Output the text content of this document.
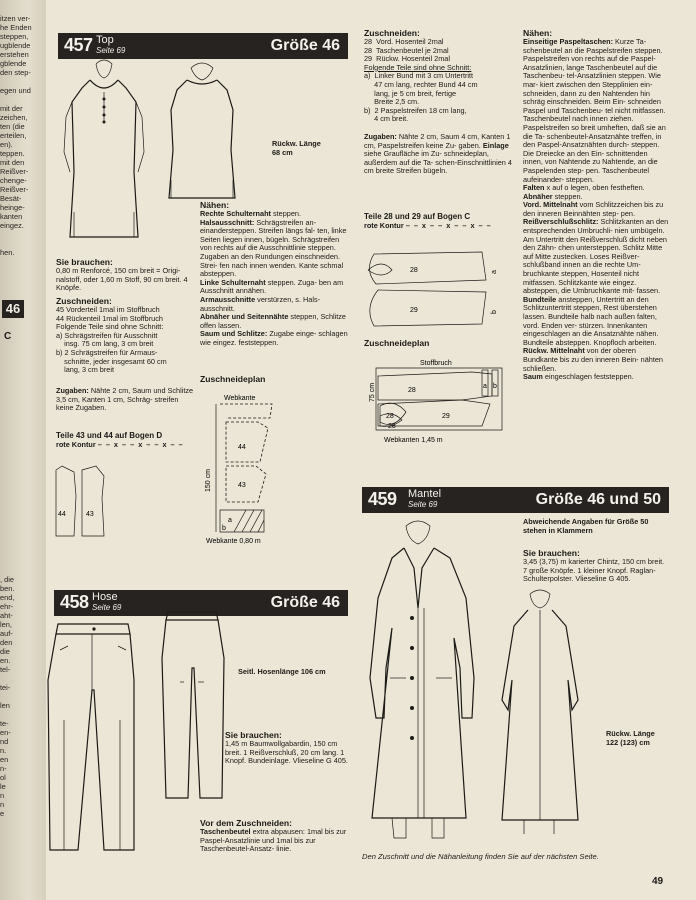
itzen ver-
he Enden
steppen,
ugblende
erstehen
gblende
den step-

egen und

mit der
zeichen,
ten (die
erteilen,
en).
teppen.
mit den
Reißver-
chenge-
Reißver-
Besät-
heinge-
kanten
eingez.

hen.
46
C
, die
ben.
end,
ehr-
aht-
len,
auf-
den
die
en.
tel-

tei-

len

te-
en-
nd
n.
en
n-
ol
le
n
n
e
457 Top
Seite 69	Größe 46
Rückw. Länge
68 cm
Sie brauchen:
0,80 m Renforcé, 150 cm breit = Origi- nalstoff, oder 1,60 m Stoff, 90 cm breit. 4 Knöpfe.
Zuschneiden:
45 Vorderteil 1mal im Stoffbruch
44 Rückenteil 1mal im Stoffbruch
Folgende Teile sind ohne Schnitt:
a) Schrägstreifen für Ausschnitt
insg. 75 cm lang, 3 cm breit
b) 2 Schrägstreifen für Armaus-
schnitte, jeder insgesamt 60 cm
lang, 3 cm breit
Zugaben: Nähte 2 cm, Saum und Schlitze 3,5 cm, Kanten 1 cm, Schräg- streifen keine Zugaben.
Teile 43 und 44 auf Bogen D
rote Kontur – – x – – x – – x – –
44	43
Nähen:
Rechte Schulternaht steppen.
Halsausschnitt: Schrägstreifen an- einandersteppen. Streifen längs fal- ten, linke Seiten liegen innen, bügeln. Schrägstreifen von rechts auf die Ausschnittlinie steppen. Zugaben an den Rundungen einschneiden. Strei- fen nach innen wenden. Kante schmal absteppen.
Linke Schulternaht steppen. Zuga- ben am Ausschnitt annähen.
Armausschnitte verstürzen, s. Hals- ausschnitt.
Abnäher und Seitennähte steppen, Schlitze offen lassen.
Saum und Schlitze: Zugabe einge- schlagen wie eingez. feststeppen.
Zuschneideplan
Webkante
150 cm
44
43
b
a
Webkante 0,80 m
Zuschneiden:
28  Vord. Hosenteil 2mal
28  Taschenbeutel je 2mal
29  Rückw. Hosenteil 2mal
Folgende Teile sind ohne Schnitt:
a)  Linker Bund mit 3 cm Untertritt
47 cm lang, rechter Bund 44 cm
lang, je 5 cm breit, fertige
Breite 2,5 cm.
b)  2 Paspelstreifen 18 cm lang,
4 cm breit.
Zugaben: Nähte 2 cm, Saum 4 cm, Kanten 1 cm, Paspelstreifen keine Zu- gaben. Einlage siehe Graufläche im Zu- schneideplan, außerdem auf die Ta- schen-Einschnittlinien 4 cm breite Streifen bügeln.
Teile 28 und 29 auf Bogen C
rote Kontur – – x – – x – – x – –
28
29
a
b
Zuschneideplan
Stoffbruch
28
28
28
29
a b
75 cm
Webkanten 1,45 m
Nähen:
Einseitige Paspeltaschen: Kurze Ta- schenbeutel an die Paspelstreifen steppen. Paspelstreifen von rechts auf die Paspel-Ansatzlinien, lange Taschenbeutel auf die Taschenbeu- tel-Ansatzlinien steppen. Wie mar- kiert zwischen den Stepplinien ein- schneiden, dann zu den Nahtenden hin schräg einschneiden. Beim Ein- schneiden Paspel und Taschenbeu- tel nicht mitfassen. Taschenbeutel nach innen ziehen. Paspelstreifen so breit umheften, daß sie an die Ta- schenbeutel-Ansatznähte treffen, in den Paspel-Ansatznähten durch- steppen. Die Dreiecke an den Ein- schnittenden innen, von Nahtende zu Nahtende, an die Paspelenden step- pen. Taschenbeutel aufeinander- steppen.
Falten x auf o legen, oben festheften.
Abnäher steppen.
Vord. Mittelnaht vom Schlitzzeichen bis zu den inneren Beinnähten step- pen.
Reißverschlußschlitz: Schlitzkanten an den entsprechenden Umbruchli- nien umbügeln. Am Untertritt den Reißverschluß dicht neben den Zähn- chen untersteppen. Schlitz Mitte auf Mitte zustecken. Loses Reißver- schlußband innen an die rechte Um- bruchkante steppen, Hosenteil nicht mitfassen. Schlitzkante wie eingez. absteppen, die Umbruchkante mit- fassen.
Bundteile ansteppen, Untertritt an den Schlitzuntertritt steppen, Rest überstehen lassen. Bundteile halb nach außen falten, vord. Enden ver- stürzen. Innenkanten eingeschlagen an die Ansatznähte nähen. Bundteile absteppen. Knopfloch arbeiten.
Rückw. Mittelnaht von der oberen Bundkante bis zu den inneren Bein- nähten schließen.
Saum eingeschlagen feststeppen.
458 Hose
Seite 69	Größe 46
Seitl. Hosenlänge 106 cm
Sie brauchen:
1,45 m Baumwollgabardin, 150 cm breit. 1 Reißverschluß, 20 cm lang. 1 Knopf. Bundeinlage. Vlieseline G 405.
Vor dem Zuschneiden:
Taschenbeutel extra abpausen: 1mal bis zur Paspel-Ansatzlinie und 1mal bis zur Taschenbeutel-Ansatz- linie.
459 Mantel
Seite 69	Größe 46 und 50
Abweichende Angaben für Größe 50 stehen in Klammern
Sie brauchen:
3,45 (3,75) m karierter Chintz, 150 cm breit. 7 große Knöpfe. 1 kleiner Knopf. Raglan-Schulterpolster. Vlieseline G 405.
Rückw. Länge
122 (123) cm
Den Zuschnitt und die Nähanleitung finden Sie auf der nächsten Seite.
49
